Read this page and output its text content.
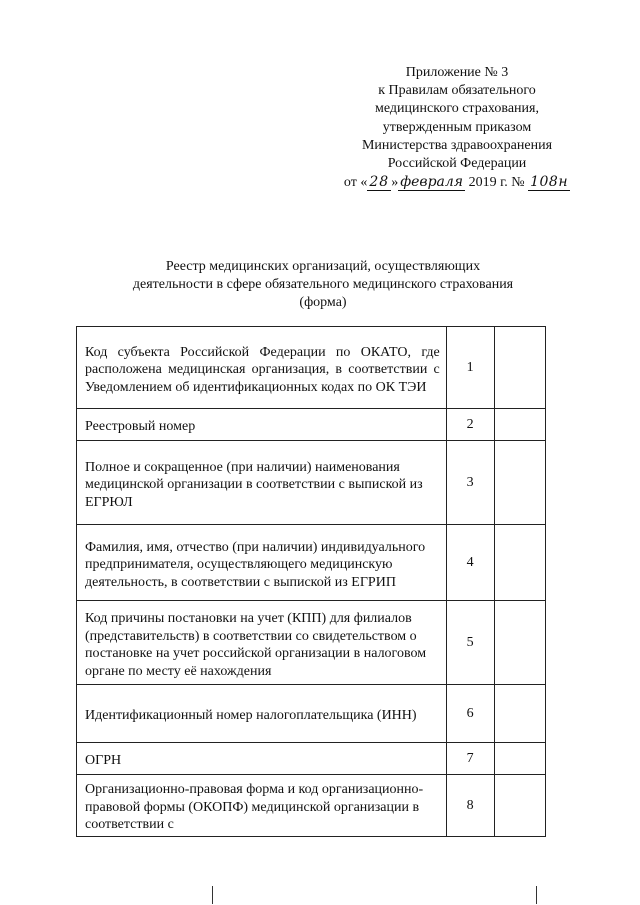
Приложение № 3
к Правилам обязательного
медицинского страхования,
утвержденным приказом
Министерства здравоохранения
Российской Федерации
от « 28 » февраля 2019 г. № 108н
Реестр медицинских организаций, осуществляющих
деятельности в сфере обязательного медицинского страхования
(форма)
Код субъекта Российской Федерации по ОКАТО, где расположена медицинская организация, в соответствии с Уведомлением об идентификационных кодах по ОК ТЭИ	1	
Реестровый номер	2	
Полное и сокращенное (при наличии) наименования медицинской организации в соответствии с выпиской из ЕГРЮЛ	3	
Фамилия, имя, отчество (при наличии) индивидуального предпринимателя, осуществляющего медицинскую деятельность, в соответствии с выпиской из ЕГРИП	4	
Код причины постановки на учет (КПП) для филиалов (представительств) в соответствии со свидетельством о постановке на учет российской организации в налоговом органе по месту её нахождения	5	
Идентификационный номер налогоплательщика (ИНН)	6	
ОГРН	7	
Организационно-правовая форма и код организационно-правовой формы (ОКОПФ) медицинской организации в соответствии с	8	
